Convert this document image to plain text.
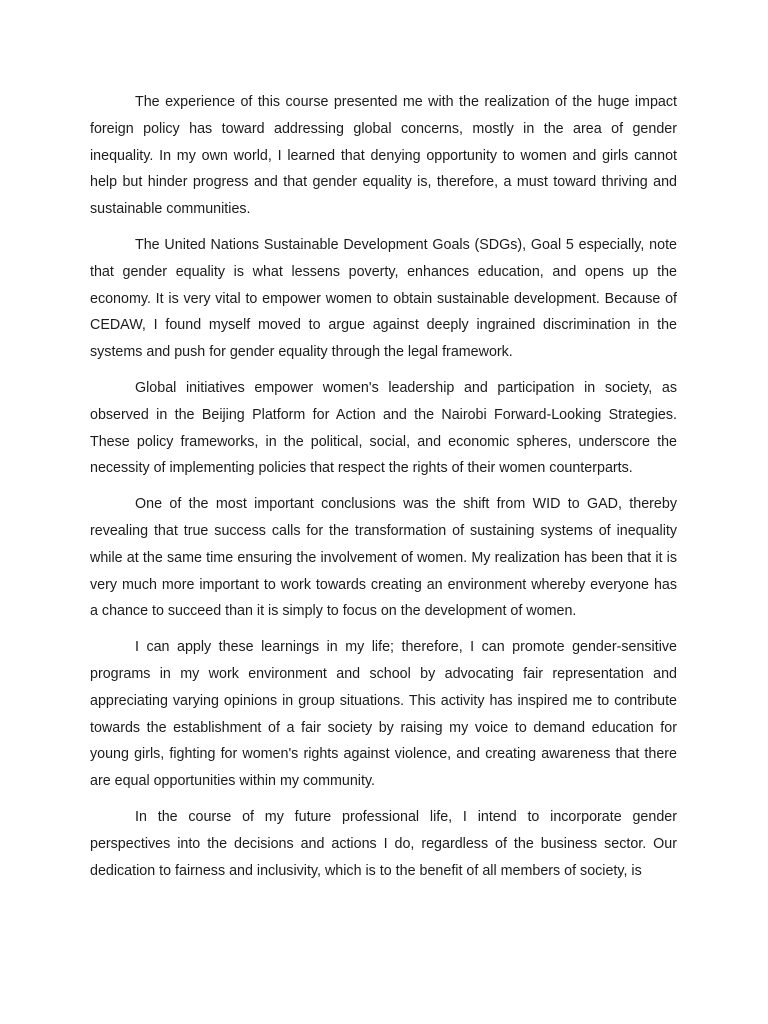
The experience of this course presented me with the realization of the huge impact foreign policy has toward addressing global concerns, mostly in the area of gender inequality. In my own world, I learned that denying opportunity to women and girls cannot help but hinder progress and that gender equality is, therefore, a must toward thriving and sustainable communities.

The United Nations Sustainable Development Goals (SDGs), Goal 5 especially, note that gender equality is what lessens poverty, enhances education, and opens up the economy. It is very vital to empower women to obtain sustainable development. Because of CEDAW, I found myself moved to argue against deeply ingrained discrimination in the systems and push for gender equality through the legal framework.

Global initiatives empower women's leadership and participation in society, as observed in the Beijing Platform for Action and the Nairobi Forward-Looking Strategies. These policy frameworks, in the political, social, and economic spheres, underscore the necessity of implementing policies that respect the rights of their women counterparts.

One of the most important conclusions was the shift from WID to GAD, thereby revealing that true success calls for the transformation of sustaining systems of inequality while at the same time ensuring the involvement of women. My realization has been that it is very much more important to work towards creating an environment whereby everyone has a chance to succeed than it is simply to focus on the development of women.

I can apply these learnings in my life; therefore, I can promote gender-sensitive programs in my work environment and school by advocating fair representation and appreciating varying opinions in group situations. This activity has inspired me to contribute towards the establishment of a fair society by raising my voice to demand education for young girls, fighting for women's rights against violence, and creating awareness that there are equal opportunities within my community.

In the course of my future professional life, I intend to incorporate gender perspectives into the decisions and actions I do, regardless of the business sector. Our dedication to fairness and inclusivity, which is to the benefit of all members of society, is
